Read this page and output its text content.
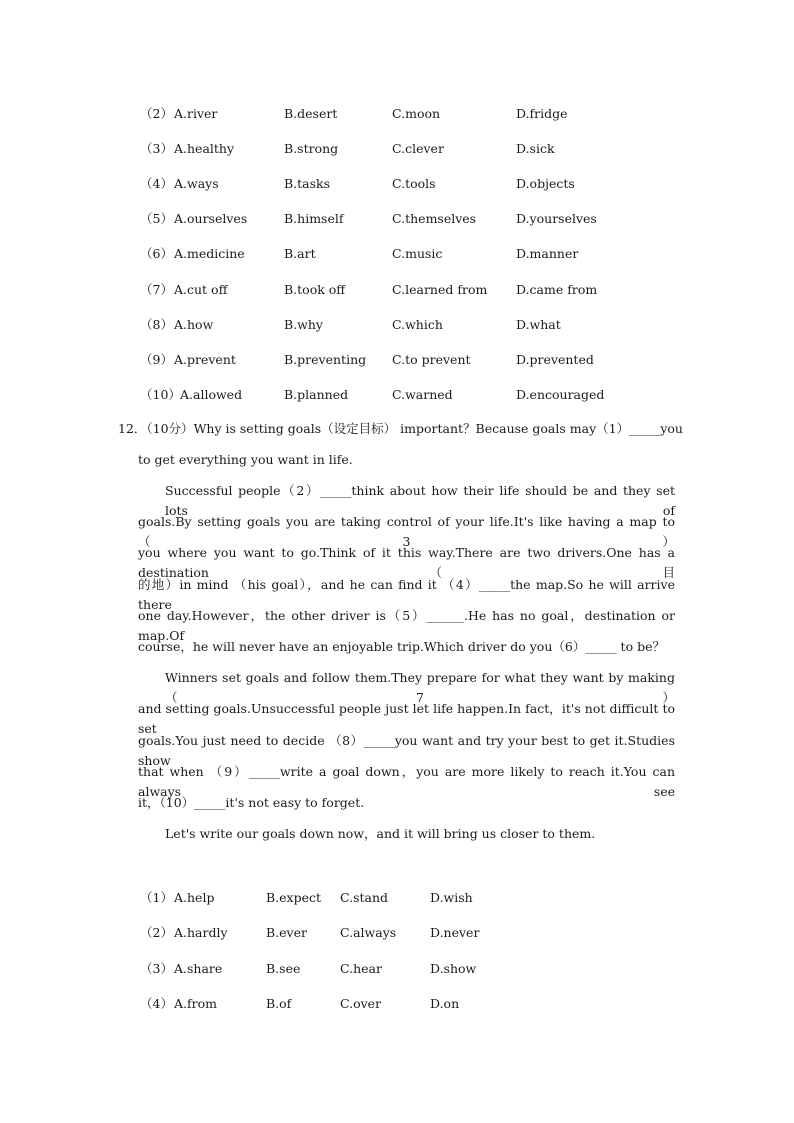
（2） A.river	B.desert	C.moon	D.fridge
（3） A.healthy	B.strong	C.clever	D.sick
（4） A.ways	B.tasks	C.tools	D.objects
（5） A.ourselves	B.himself	C.themselves	D.yourselves
（6） A.medicine	B.art	C.music	D.manner
（7） A.cut off	B.took off	C.learned from D.came from
（8） A.how	B.why	C.which	D.what
（9） A.prevent	B.preventing C.to prevent	D.prevented
（10） A.allowed	B.planned	C.warned	D.encouraged
12．（10分）Why is setting goals（设定目标） important？Because goals may（1）_____you
to get everything you want in life.
Successful people（2）_____think about how their life should be and they set lots of
goals.By setting goals you are taking control of your life.It's like having a map to （3）
you where you want to go.Think of it this way.There are two drivers.One has a destination（目
的地）in mind （his goal），and he can find it （4）_____the map.So he will arrive there
one day.However，the other driver is（5）______.He has no goal，destination or map.Of
course，he will never have an enjoyable trip.Which driver do you（6）_____ to be？
Winners set goals and follow them.They prepare for what they want by making （7）
and setting goals.Unsuccessful people just let life happen.In fact，it's not difficult to set
goals.You just need to decide （8）_____you want and try your best to get it.Studies show
that when （9）_____write a goal down，you are more likely to reach it.You can always see
it，（10）_____it's not easy to forget.
Let's write our goals down now，and it will bring us closer to them.
（1） A.help	B.expect C.stand	D.wish
（2） A.hardly	B.ever	C.always	D.never
（3） A.share	B.see	C.hear	D.show
（4） A.from	B.of	C.over	D.on
